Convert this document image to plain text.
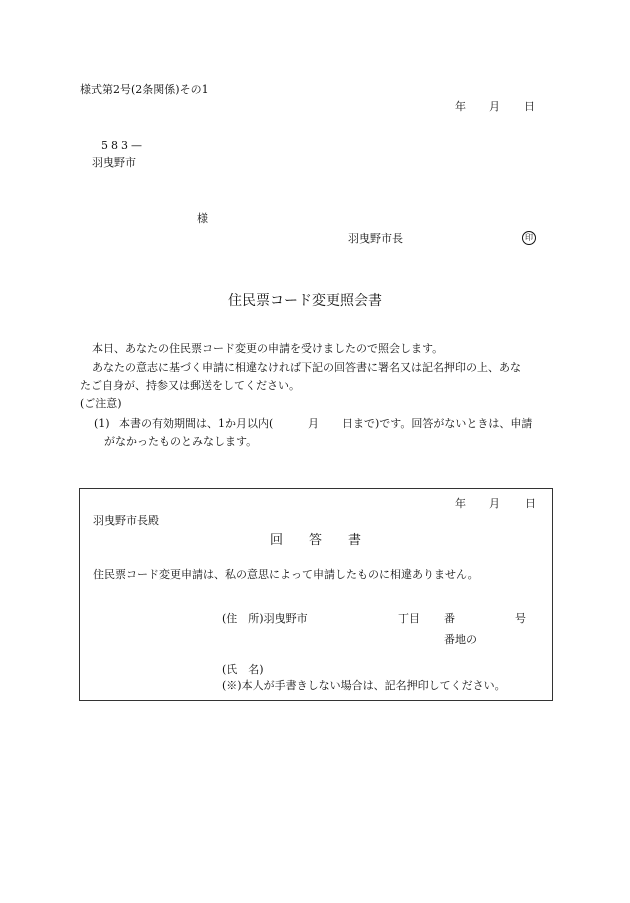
様式第2号(2条関係)その1
年 月 日
583—
羽曳野市
様
羽曳野市長	印
住民票コード変更照会書
本日、あなたの住民票コード変更の申請を受けましたので照会します。
あなたの意志に基づく申請に相違なければ下記の回答書に署名又は記名押印の上、あな
たご自身が、持参又は郵送をしてください。
(ご注意)
(1) 本書の有効期間は、1か月以内(	月 日まで)です。回答がないときは、申請
がなかったものとみなします。
年 月 日
羽曳野市長殿
回　　答　　書
住民票コード変更申請は、私の意思によって申請したものに相違ありません。
(住　所)羽曳野市	丁目 番	号
番地の
(氏　名)
(※)本人が手書きしない場合は、記名押印してください。
